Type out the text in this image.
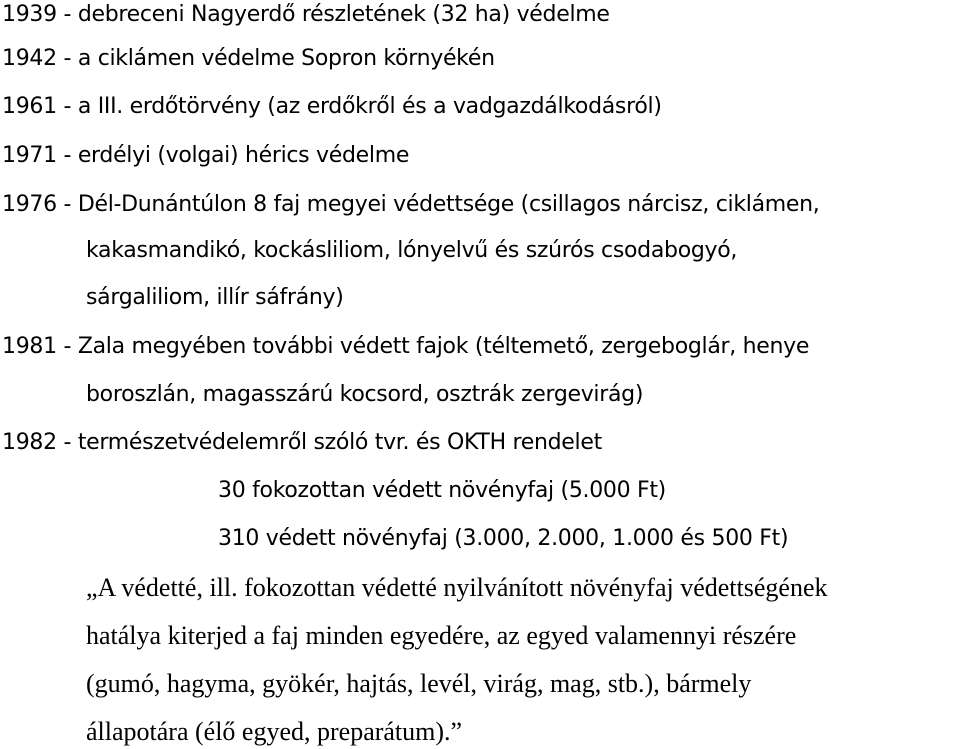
1939 - debreceni Nagyerdő részletének (32 ha) védelme
1942 - a ciklámen védelme Sopron környékén
1961 - a III. erdőtörvény (az erdőkről és a vadgazdálkodásról)
1971 - erdélyi (volgai) hérics védelme
1976 - Dél-Dunántúlon 8 faj megyei védettsége (csillagos nárcisz, ciklámen,
kakasmandikó, kockásliliom, lónyelvű és szúrós csodabogyó,
sárgaliliom, illír sáfrány)
1981 - Zala megyében további védett fajok (téltemető, zergeboglár, henye
boroszlán, magasszárú kocsord, osztrák zergevirág)
1982 - természetvédelemről szóló tvr. és OKTH rendelet
30 fokozottan védett növényfaj (5.000 Ft)
310 védett növényfaj (3.000, 2.000, 1.000 és 500 Ft)
„A védetté, ill. fokozottan védetté nyilvánított növényfaj védettségének
hatálya kiterjed a faj minden egyedére, az egyed valamennyi részére
(gumó, hagyma, gyökér, hajtás, levél, virág, mag, stb.), bármely
állapotára (élő egyed, preparátum).”
